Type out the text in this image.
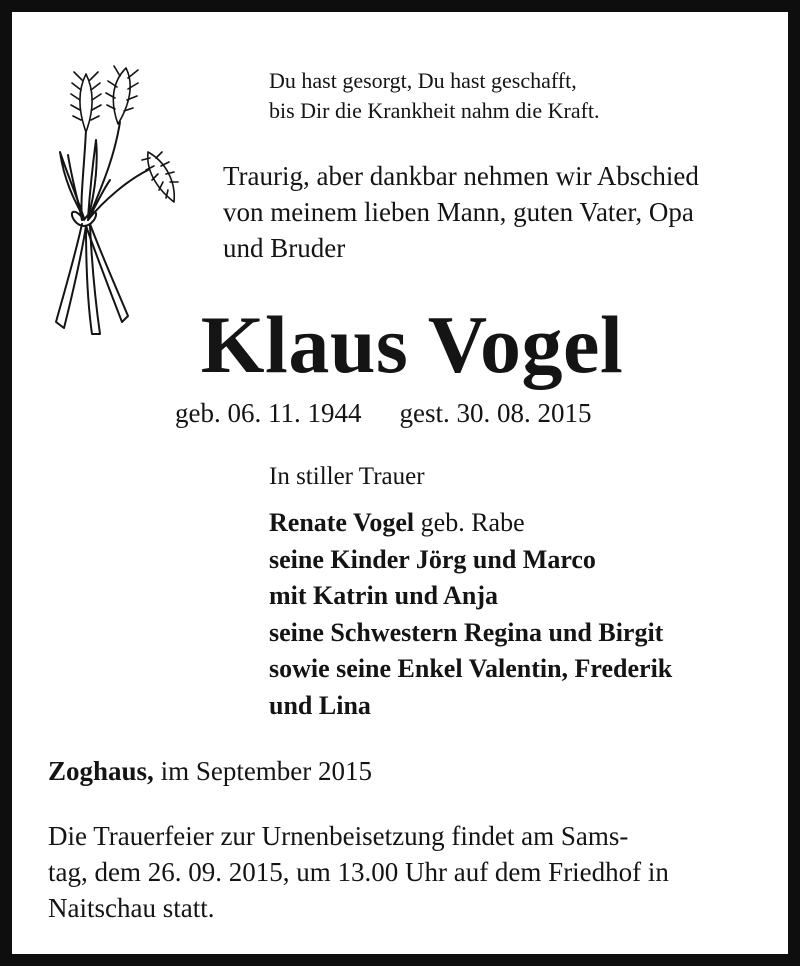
Du hast gesorgt, Du hast geschafft,
bis Dir die Krankheit nahm die Kraft.
Traurig, aber dankbar nehmen wir Abschied
von meinem lieben Mann, guten Vater, Opa
und Bruder
Klaus Vogel
geb. 06. 11. 1944 gest. 30. 08. 2015
In stiller Trauer
Renate Vogel geb. Rabe
seine Kinder Jörg und Marco
mit Katrin und Anja
seine Schwestern Regina und Birgit
sowie seine Enkel Valentin, Frederik
und Lina
Zoghaus, im September 2015
Die Trauerfeier zur Urnenbeisetzung findet am Sams-
tag, dem 26. 09. 2015, um 13.00 Uhr auf dem Friedhof in
Naitschau statt.
